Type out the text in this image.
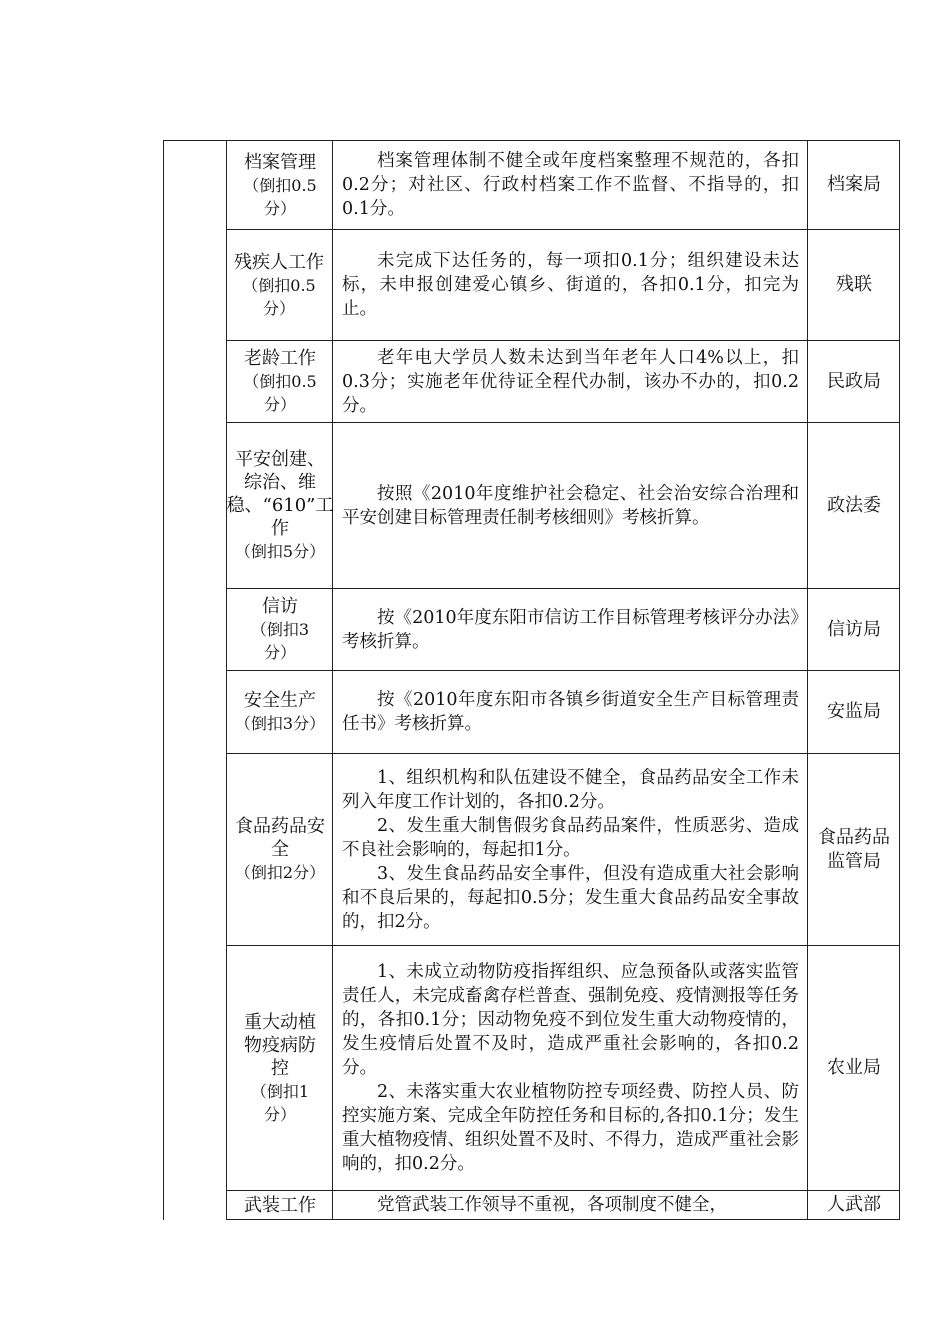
档案管理
（倒扣0.5分）
档案管理体制不健全或年度档案整理不规范的，各扣0.2分；对社区、行政村档案工作不监督、不指导的，扣0.1分。
档案局
残疾人工作
（倒扣0.5分）
未完成下达任务的，每一项扣0.1分；组织建设未达标，未申报创建爱心镇乡、街道的，各扣0.1分，扣完为止。
残联
老龄工作
（倒扣0.5分）
老年电大学员人数未达到当年老年人口4%以上，扣0.3分；实施老年优待证全程代办制，该办不办的，扣0.2分。
民政局
平安创建、综治、维稳、“610”工作
（倒扣5分）
按照《2010年度维护社会稳定、社会治安综合治理和平安创建目标管理责任制考核细则》考核折算。
政法委
信访
（倒扣3分）
按《2010年度东阳市信访工作目标管理考核评分办法》考核折算。
信访局
安全生产
（倒扣3分）
按《2010年度东阳市各镇乡街道安全生产目标管理责任书》考核折算。
安监局
食品药品安全
（倒扣2分）
1、组织机构和队伍建设不健全，食品药品安全工作未列入年度工作计划的，各扣0.2分。
2、发生重大制售假劣食品药品案件，性质恶劣、造成不良社会影响的，每起扣1分。
3、发生食品药品安全事件，但没有造成重大社会影响和不良后果的，每起扣0.5分；发生重大食品药品安全事故的，扣2分。
食品药品监管局
重大动植物疫病防控
（倒扣1分）
1、未成立动物防疫指挥组织、应急预备队或落实监管责任人，未完成畜禽存栏普查、强制免疫、疫情测报等任务的，各扣0.1分；因动物免疫不到位发生重大动物疫情的，发生疫情后处置不及时，造成严重社会影响的，各扣0.2分。
2、未落实重大农业植物防控专项经费、防控人员、防控实施方案、完成全年防控任务和目标的,各扣0.1分；发生重大植物疫情、组织处置不及时、不得力，造成严重社会影响的，扣0.2分。
农业局
武装工作	党管武装工作领导不重视，各项制度不健全，	人武部
